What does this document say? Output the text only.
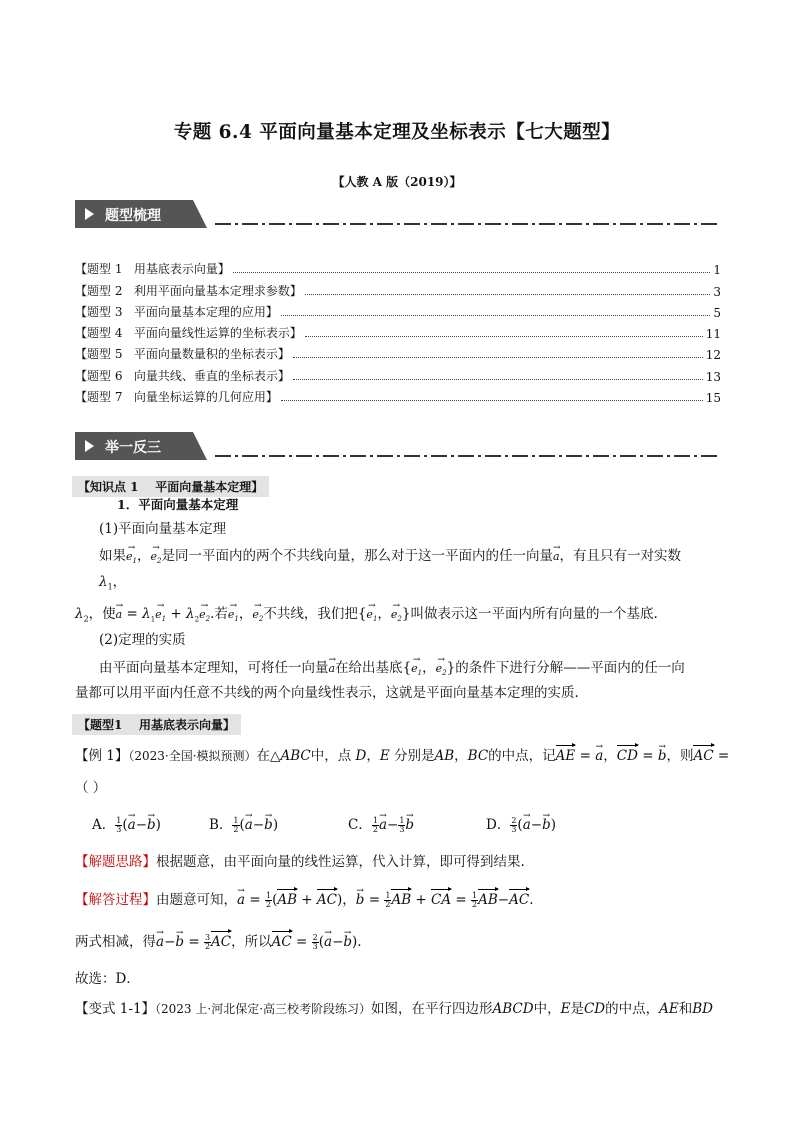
专题 6.4 平面向量基本定理及坐标表示【七大题型】
【人教 A 版（2019）】
题型梳理
【题型 1   用基底表示向量】	1
【题型 2   利用平面向量基本定理求参数】	3
【题型 3   平面向量基本定理的应用】	5
【题型 4   平面向量线性运算的坐标表示】	11
【题型 5   平面向量数量积的坐标表示】	12
【题型 6   向量共线、垂直的坐标表示】	13
【题型 7   向量坐标运算的几何应用】	15
举一反三
【知识点 1    平面向量基本定理】
1．平面向量基本定理
(1)平面向量基本定理
如果→ $e_1$，→ $e_2$是同一平面内的两个不共线向量，那么对于这一平面内的任一向量→ a，有且只有一对实数
$\lambda_1$，
$\lambda_2$，使→ $a = \lambda_1\to e_1 + \lambda_2\to e_2$.若→ $e_1$，→ $e_2$不共线，我们把{→ $e_1$，→ $e_2$}叫做表示这一平面内所有向量的一个基底.
(2)定理的实质
由平面向量基本定理知，可将任一向量→ a在给出基底{→ $e_1$，→ $e_2$}的条件下进行分解——平面内的任一向
量都可以用平面内任意不共线的两个向量线性表示，这就是平面向量基本定理的实质.
【题型1    用基底表示向量】
【例 1】（2023·全国·模拟预测）在△ABC中，点 D，E 分别是AB，BC的中点，记AE = → a，CD = → b，则AC =
（ ）
A． $\frac{1}{3}$ (→ a−→ b)	B． $\frac{1}{2}$ (→ a−→ b)	C． $\frac{1}{2} \to a- \frac{1}{3} \to b$	D． $\frac{2}{3}$ (→ a−→ b)
【解题思路】根据题意，由平面向量的线性运算，代入计算，即可得到结果.
【解答过程】由题意可知，→ $a = \frac{1}{2} (AB + AC)$，→ $b = \frac{1}{2}$ AB + CA = $\frac{1}{2} AB-AC$.
两式相减，得→ $a-\to b = \frac{3}{2}$ AC，所以AC = $\frac{2}{3}$ (→ a−→ b).
故选：D．
【变式 1-1】（2023 上·河北保定·高三校考阶段练习）如图，在平行四边形ABCD中，E是CD的中点，AE和BD
